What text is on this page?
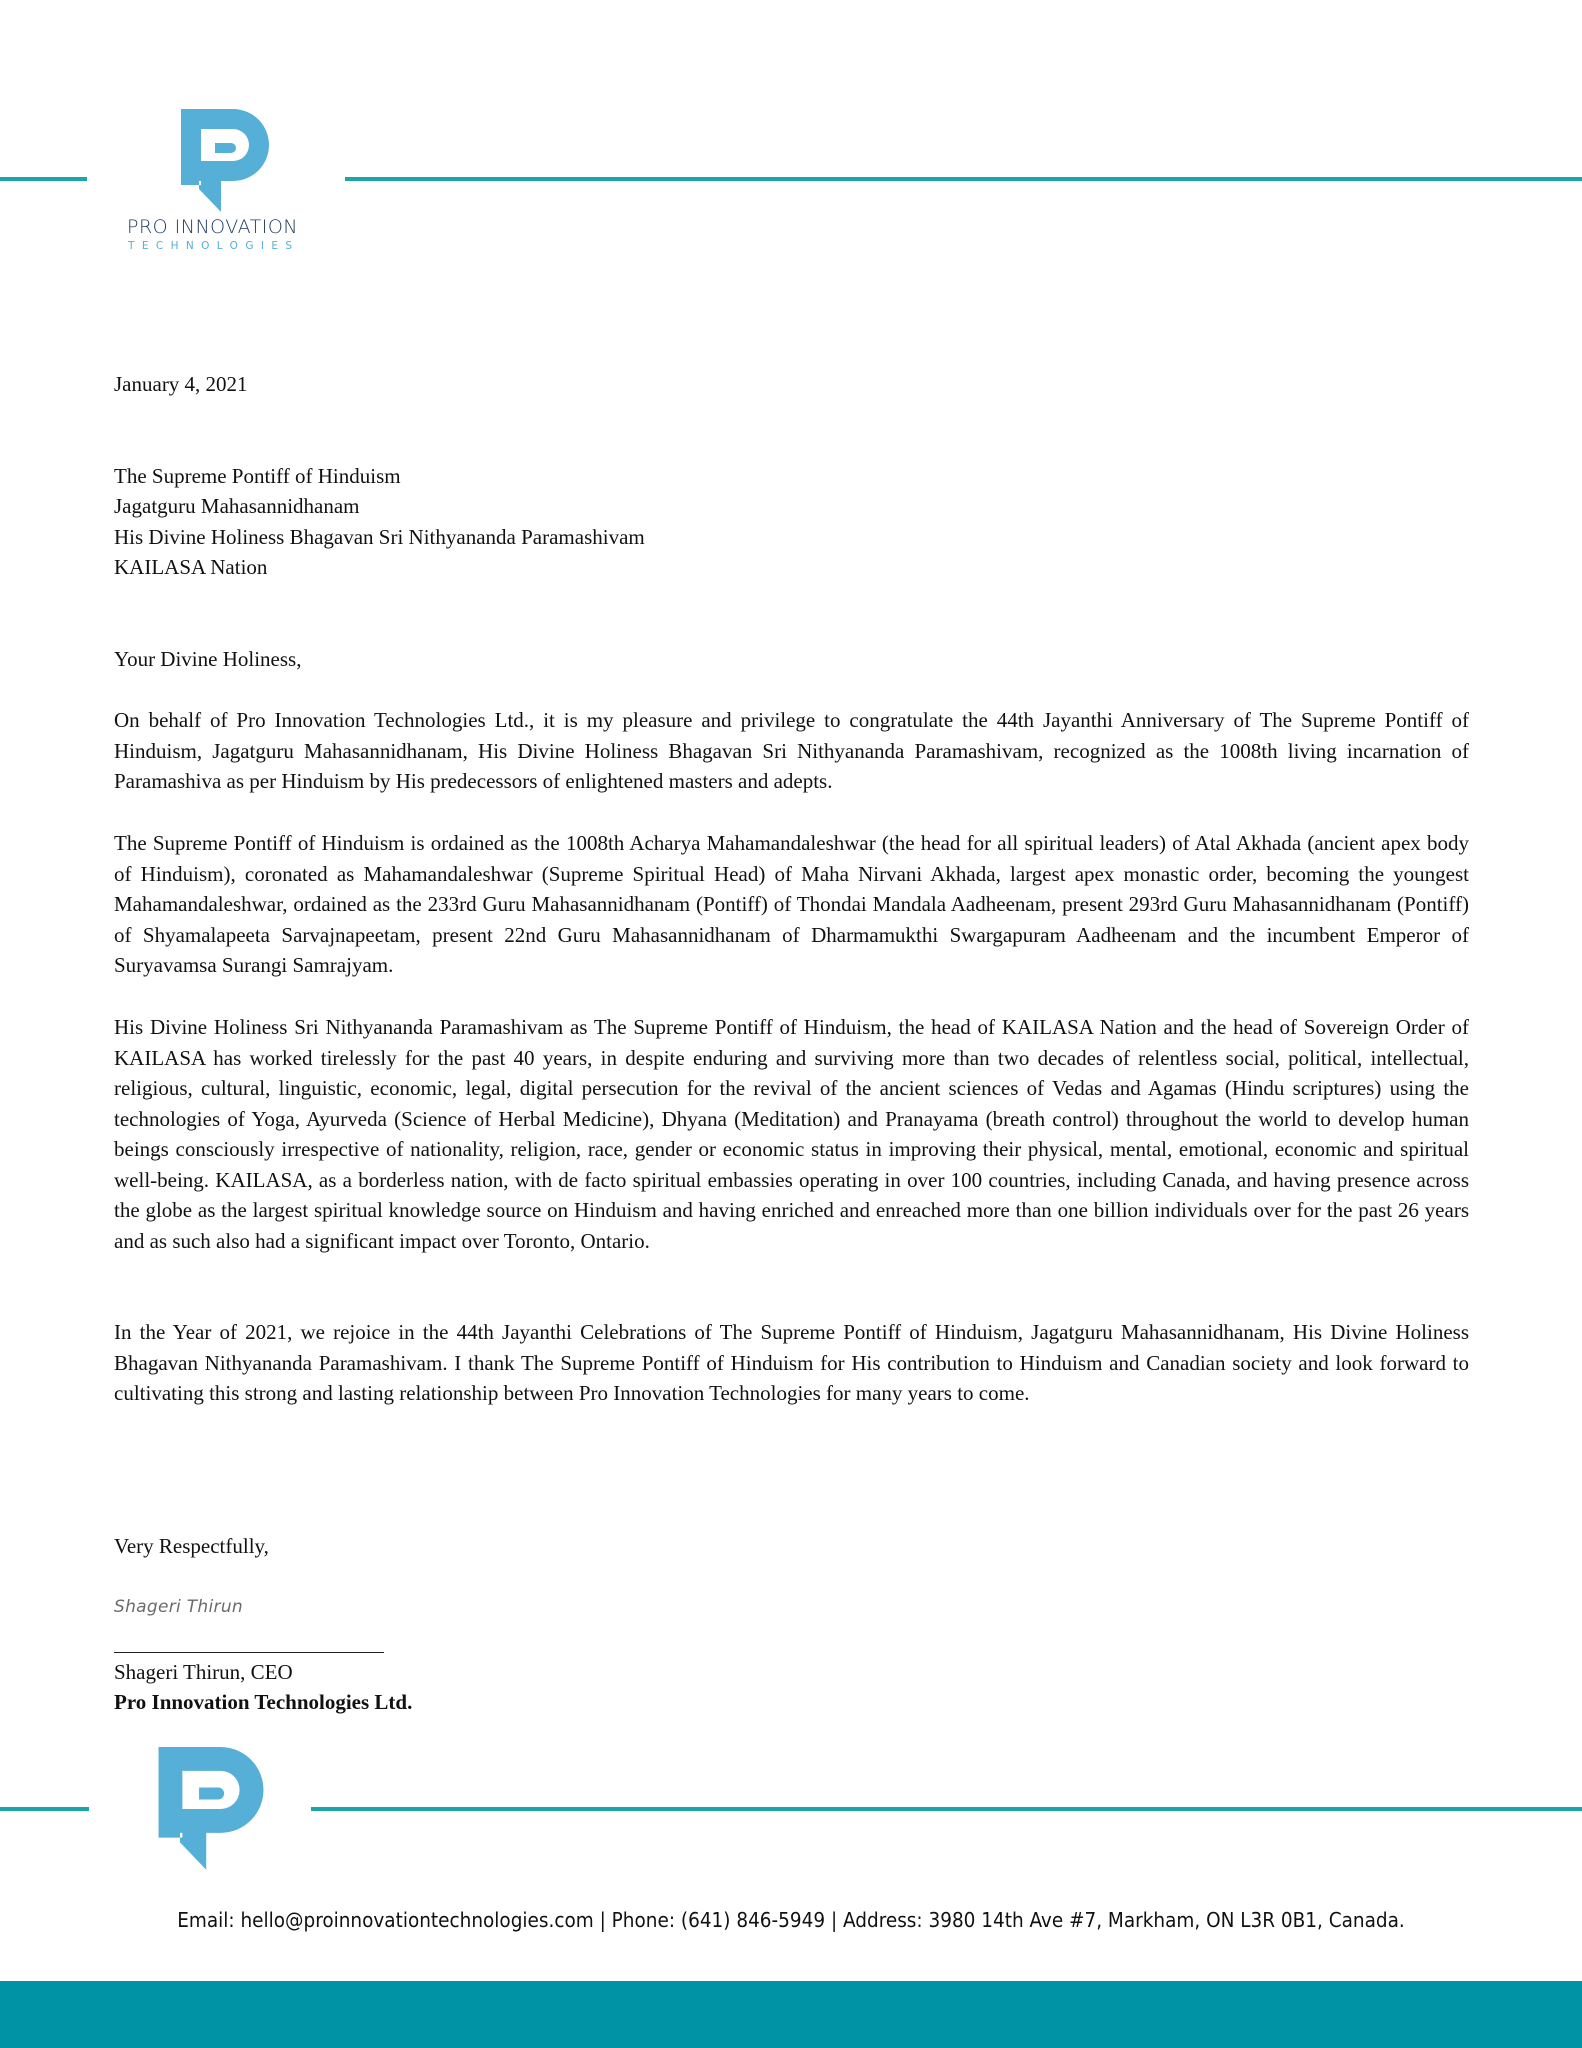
PRO INNOVATION
TECHNOLOGIES
January 4, 2021
The Supreme Pontiff of Hinduism
Jagatguru Mahasannidhanam
His Divine Holiness Bhagavan Sri Nithyananda Paramashivam
KAILASA Nation
Your Divine Holiness,
On behalf of Pro Innovation Technologies Ltd., it is my pleasure and privilege to congratulate the 44th Jayanthi Anniversary of The Supreme Pontiff of Hinduism, Jagatguru Mahasannidhanam, His Divine Holiness Bhagavan Sri Nithyananda Paramashivam, recognized as the 1008th living incarnation of Paramashiva as per Hinduism by His predecessors of enlightened masters and adepts.
The Supreme Pontiff of Hinduism is ordained as the 1008th Acharya Mahamandaleshwar (the head for all spiritual leaders) of Atal Akhada (ancient apex body of Hinduism), coronated as Mahamandaleshwar (Supreme Spiritual Head) of Maha Nirvani Akhada, largest apex monastic order, becoming the youngest Mahamandaleshwar, ordained as the 233rd Guru Mahasannidhanam (Pontiff) of Thondai Mandala Aadheenam, present 293rd Guru Mahasannidhanam (Pontiff) of Shyamalapeeta Sarvajnapeetam, present 22nd Guru Mahasannidhanam of Dharmamukthi Swargapuram Aadheenam and the incumbent Emperor of Suryavamsa Surangi Samrajyam.
His Divine Holiness Sri Nithyananda Paramashivam as The Supreme Pontiff of Hinduism, the head of KAILASA Nation and the head of Sovereign Order of KAILASA has worked tirelessly for the past 40 years, in despite enduring and surviving more than two decades of relentless social, political, intellectual, religious, cultural, linguistic, economic, legal, digital persecution for the revival of the ancient sciences of Vedas and Agamas (Hindu scriptures) using the technologies of Yoga, Ayurveda (Science of Herbal Medicine), Dhyana (Meditation) and Pranayama (breath control) throughout the world to develop human beings consciously irrespective of nationality, religion, race, gender or economic status in improving their physical, mental, emotional, economic and spiritual well-being. KAILASA, as a borderless nation, with de facto spiritual embassies operating in over 100 countries, including Canada, and having presence across the globe as the largest spiritual knowledge source on Hinduism and having enriched and enreached more than one billion individuals over for the past 26 years and as such also had a significant impact over Toronto, Ontario.
In the Year of 2021, we rejoice in the 44th Jayanthi Celebrations of The Supreme Pontiff of Hinduism, Jagatguru Mahasannidhanam, His Divine Holiness Bhagavan Nithyananda Paramashivam. I thank The Supreme Pontiff of Hinduism for His contribution to Hinduism and Canadian society and look forward to cultivating this strong and lasting relationship between Pro Innovation Technologies for many years to come.
Very Respectfully,
Shageri Thirun
Shageri Thirun, CEO
Pro Innovation Technologies Ltd.
Email: hello@proinnovationtechnologies.com | Phone: (641) 846-5949 | Address: 3980 14th Ave #7, Markham, ON L3R 0B1, Canada.
